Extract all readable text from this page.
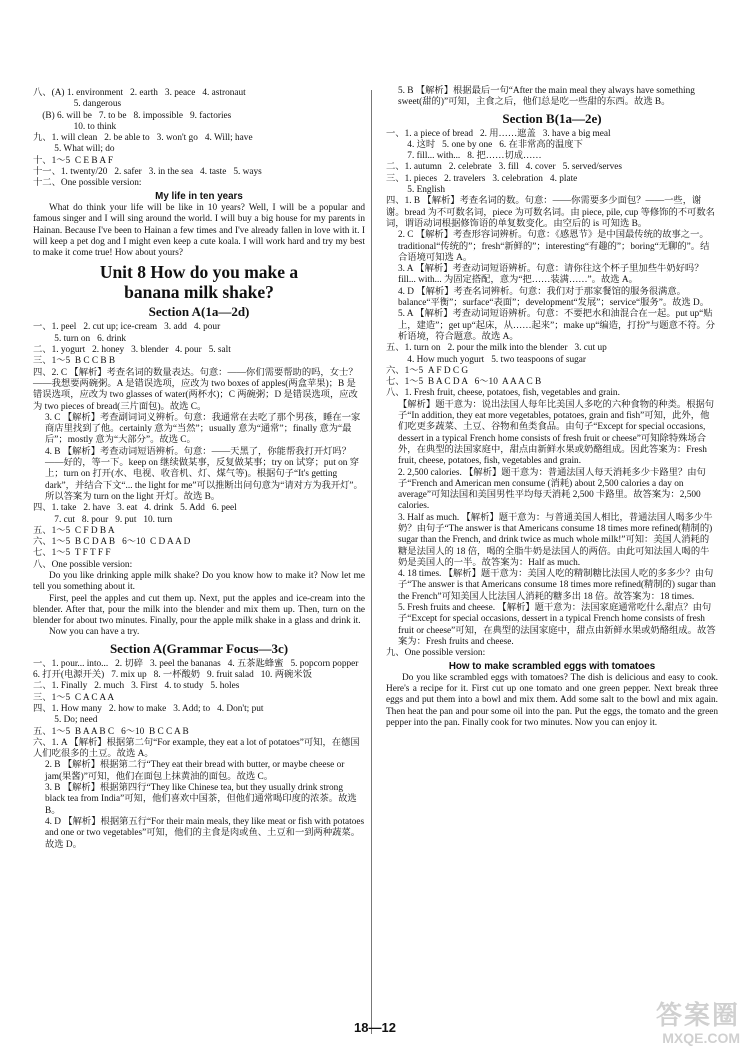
八、(A) 1. environment   2. earth   3. peace   4. astronaut
5. dangerous
(B) 6. will be   7. to be   8. impossible   9. factories
10. to think
九、1. will clean   2. be able to   3. won't go   4. Will; have
5. What will; do
十、1～5  C E B A F
十一、1. twenty/20   2. safer   3. in the sea   4. taste   5. ways
十二、One possible version:
My life in ten years

What do think your life will be like in 10 years? Well, I will be a popular and famous singer and I will sing around the world. I will buy a big house for my parents in Hainan. Because I've been to Hainan a few times and I've already fallen in love with it. I will keep a pet dog and I might even keep a cute koala. I will work hard and try my best to make it come true! How about yours?

Unit 8 How do you make a
banana milk shake?
Section A(1a—2d)
一、1. peel   2. cut up; ice-cream   3. add   4. pour
5. turn on   6. drink
二、1. yogurt   2. honey   3. blender   4. pour   5. salt
三、1～5  B C C B B
四、2. C 【解析】考查名词的数量表达。句意：——你们需要帮助的吗，女士？——我想要两碗粥。A 是错误选项，应改为 two boxes of apples(两盒苹果)；B 是错误选项，应改为 two glasses of water(两杯水)；C 两碗粥；D 是错误选项，应改为 two pieces of bread(三片面包)。故选 C。
3. C 【解析】考查副词词义辨析。句意：我通常在去吃了那个男孩，睡在一家商店里找到了他。certainly 意为“当然”；usually 意为“通常”；finally 意为“最后”；mostly 意为“大部分”。故选 C。
4. B 【解析】考查动词短语辨析。句意：——天黑了，你能帮我打开灯吗？——好的，等一下。keep on 继续做某事，反复做某事；try on 试穿；put on 穿上；turn on 打开(水、电视、收音机、灯、煤气等)。根据句子“It's getting dark”，并结合下文“... the light for me”可以推断出问句意为“请对方为我开灯”。所以答案为 turn on the light 开灯。故选 B。
四、1. take   2. have   3. eat   4. drink   5. Add   6. peel
7. cut   8. pour   9. put   10. turn
五、1～5  C F D B A
六、1～5  B C D A B   6～10  C D A A D
七、1～5  T F T F F
八、One possible version:

Do you like drinking apple milk shake? Do you know how to make it? Now let me tell you something about it.

First, peel the apples and cut them up. Next, put the apples and ice-cream into the blender. After that, pour the milk into the blender and mix them up. Then, turn on the blender for about two minutes. Finally, pour the apple milk shake in a glass and drink it.

Now you can have a try.

Section A(Grammar Focus—3c)
一、1. pour... into...   2. 切碎   3. peel the bananas   4. 五茶匙蜂蜜   5. popcorn popper   6. 打开(电源开关)   7. mix up   8. 一杯酸奶   9. fruit salad   10. 两碗米饭
二、1. Finally   2. much   3. First   4. to study   5. holes
三、1～5  C A C A A
四、1. How many   2. how to make   3. Add; to   4. Don't; put
5. Do; need
五、1～5  B A A B C   6～10  B C C A B
六、1. A 【解析】根据第二句“For example, they eat a lot of potatoes”可知，在德国人们吃很多的土豆。故选 A。
2. B 【解析】根据第二行“They eat their bread with butter, or maybe cheese or jam(果酱)”可知，他们在面包上抹黄油的面包。故选 C。
3. B 【解析】根据第四行“They like Chinese tea, but they usually drink strong black tea from India”可知，他们喜欢中国茶，但他们通常喝印度的浓茶。故选 B。
4. D 【解析】根据第五行“For their main meals, they like meat or fish with potatoes and one or two vegetables”可知，他们的主食是肉或鱼、土豆和一到两种蔬菜。故选 D。
5. B 【解析】根据最后一句“After the main meal they always have something sweet(甜的)”可知，主食之后，他们总是吃一些甜的东西。故选 B。
Section B(1a—2e)
一、1. a piece of bread   2. 用……遮盖   3. have a big meal
4. 这时   5. one by one   6. 在非常高的温度下
7. fill... with...   8. 把……切成……
二、1. autumn   2. celebrate   3. fill   4. cover   5. served/serves
三、1. pieces   2. travelers   3. celebration   4. plate
5. English
四、1. B 【解析】考查名词的数。句意：——你需要多少面包？——一些，谢谢。bread 为不可数名词，piece 为可数名词。由 piece, pile, cup 等修饰的不可数名词，谓语动词根据修饰语的单复数变化。由空后的 is 可知选 B。
2. C 【解析】考查形容词辨析。句意：《感恩节》是中国最传统的故事之一。traditional“传统的”；fresh“新鲜的”；interesting“有趣的”；boring“无聊的”。结合语境可知选 A。
3. A 【解析】考查动词短语辨析。句意：请你往这个杯子里加些牛奶好吗？fill... with... 为固定搭配，意为“把……装满……”。故选 A。
4. D 【解析】考查名词辨析。句意：我们对于那家餐馆的服务很满意。balance“平衡”；surface“表面”；development“发展”；service“服务”。故选 D。
5. A 【解析】考查动词短语辨析。句意：不要把水和油混合在一起。put up“贴上，建造”；get up“起床，从……起来”；make up“编造，打扮”与题意不符。分析语境，符合题意。故选 A。
五、1. turn on   2. pour the milk into the blender   3. cut up
4. How much yogurt   5. two teaspoons of sugar
六、1～5  A F D C G
七、1～5  B A C D A   6～10  A A A C B
八、1. Fresh fruit, cheese, potatoes, fish, vegetables and grain.
【解析】题干意为：说出法国人每年比美国人多吃的六种食物的种类。根据句子“In addition, they eat more vegetables, potatoes, grain and fish”可知，此外，他们吃更多蔬菜、土豆、谷物和鱼类食品。由句子“Except for special occasions, dessert in a typical French home consists of fresh fruit or cheese”可知除特殊场合外，在典型的法国家庭中，甜点由新鲜水果或奶酪组成。因此答案为：Fresh fruit, cheese, potatoes, fish, vegetables and grain.
2. 2,500 calories. 【解析】题干意为：普通法国人每天消耗多少卡路里？由句子“French and American men consume (消耗) about 2,500 calories a day on average”可知法国和美国男性平均每天消耗 2,500 卡路里。故答案为：2,500 calories.
3. Half as much. 【解析】题干意为：与普通美国人相比，普通法国人喝多少牛奶？由句子“The answer is that Americans consume 18 times more refined(精制的) sugar than the French, and drink twice as much whole milk!”可知：美国人消耗的糖是法国人的 18 倍，喝的全脂牛奶是法国人的两倍。由此可知法国人喝的牛奶是美国人的一半。故答案为：Half as much.
4. 18 times. 【解析】题干意为：美国人吃的精制糖比法国人吃的多多少？由句子“The answer is that Americans consume 18 times more refined(精制的) sugar than the French”可知美国人比法国人消耗的糖多出 18 倍。故答案为：18 times.
5. Fresh fruits and cheese. 【解析】题干意为：法国家庭通常吃什么甜点？由句子“Except for special occasions, dessert in a typical French home consists of fresh fruit or cheese”可知，在典型的法国家庭中，甜点由新鲜水果或奶酪组成。故答案为：Fresh fruits and cheese.
九、One possible version:
How to make scrambled eggs with tomatoes

Do you like scrambled eggs with tomatoes? The dish is delicious and easy to cook. Here's a recipe for it. First cut up one tomato and one green pepper. Next break three eggs and put them into a bowl and mix them. Add some salt to the bowl and mix again. Then heat the pan and pour some oil into the pan. Put the eggs, the tomato and the green pepper into the pan. Finally cook for two minutes. Now you can enjoy it.

18—12	答案圈
MXQE.COM
